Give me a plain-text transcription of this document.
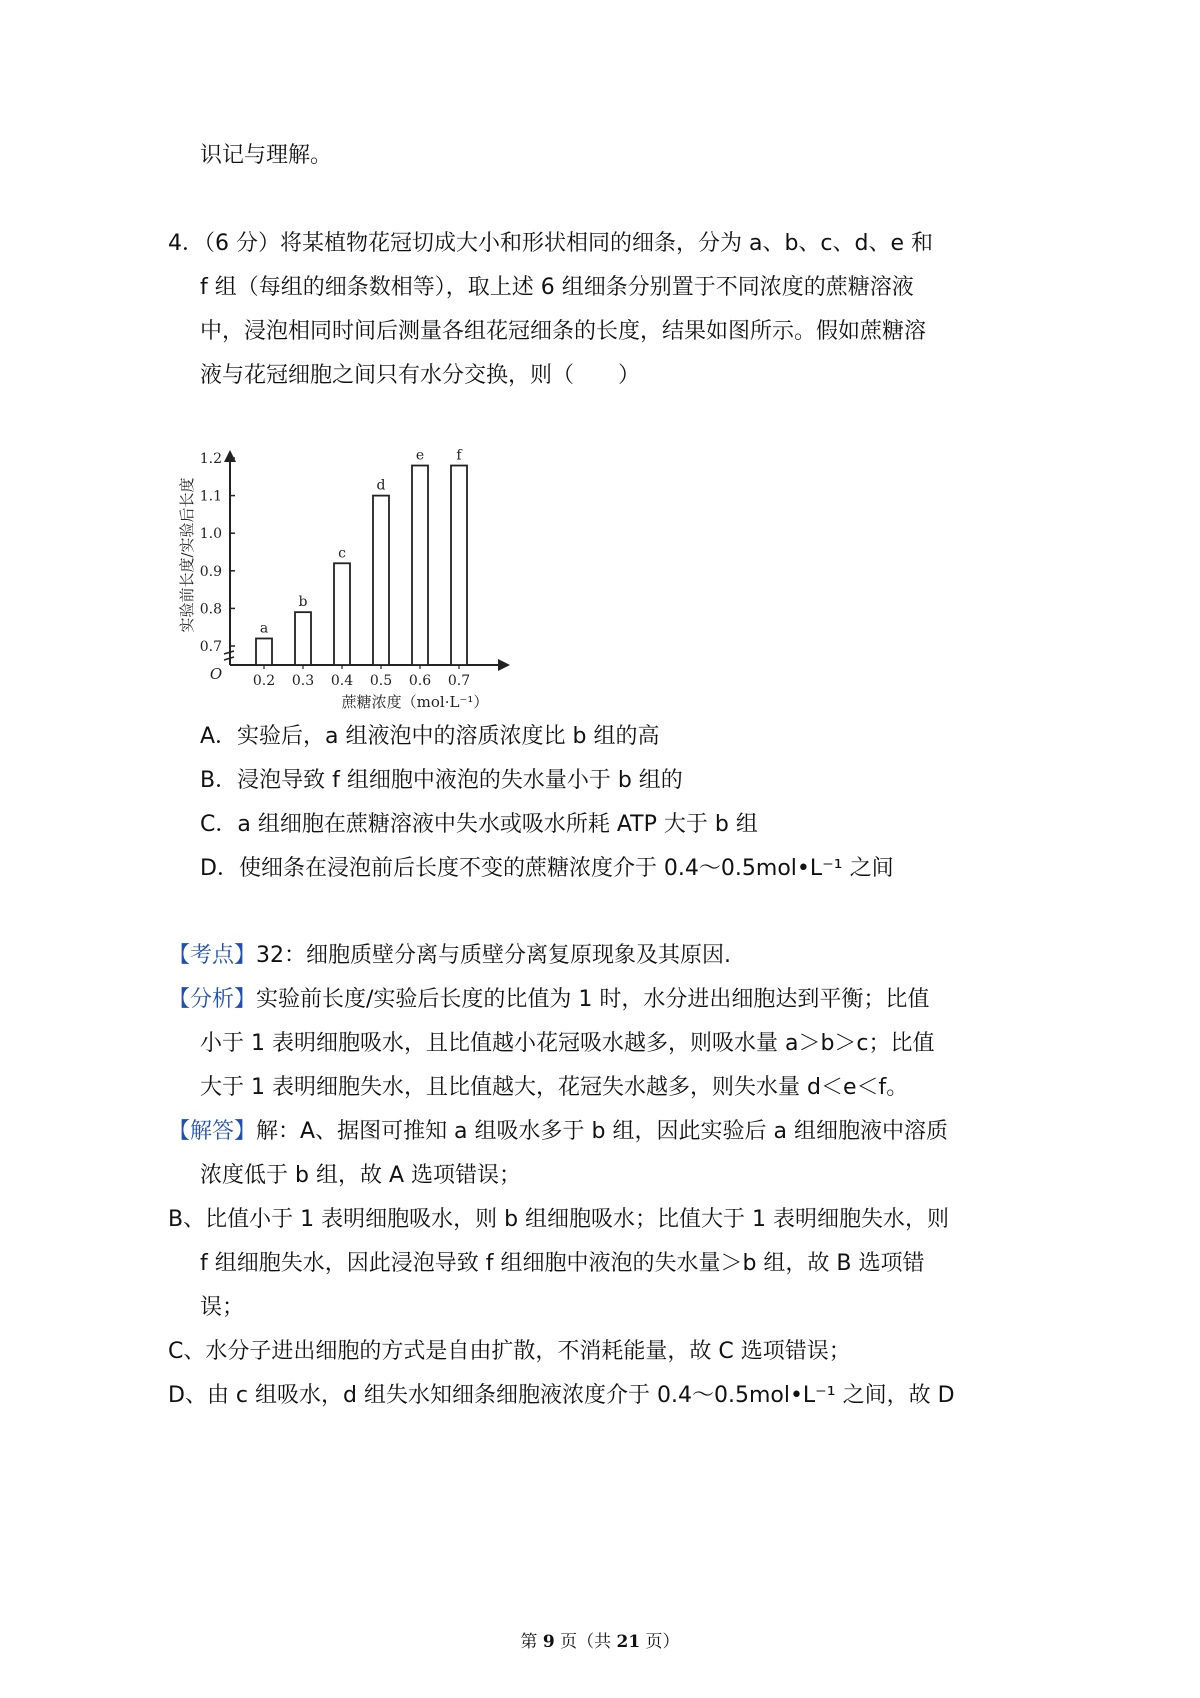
识记与理解。
4．（6 分）将某植物花冠切成大小和形状相同的细条，分为 a、b、c、d、e 和
f 组（每组的细条数相等），取上述 6 组细条分别置于不同浓度的蔗糖溶液
中，浸泡相同时间后测量各组花冠细条的长度，结果如图所示。假如蔗糖溶
液与花冠细胞之间只有水分交换，则（　　）
0.7
0.8
0.9
1.0
1.1
1.2
a
0.2
b
0.3
c
0.4
d
0.5
e
0.6
f
0.7
O
蔗糖浓度（mol·L⁻¹）
实验前长度/实验后长度
A．实验后，a 组液泡中的溶质浓度比 b 组的高
B．浸泡导致 f 组细胞中液泡的失水量小于 b 组的
C．a 组细胞在蔗糖溶液中失水或吸水所耗 ATP 大于 b 组
D．使细条在浸泡前后长度不变的蔗糖浓度介于 0.4～0.5mol•L⁻¹ 之间
【考点】32：细胞质壁分离与质壁分离复原现象及其原因.
【分析】实验前长度/实验后长度的比值为 1 时，水分进出细胞达到平衡；比值
小于 1 表明细胞吸水，且比值越小花冠吸水越多，则吸水量 a＞b＞c；比值
大于 1 表明细胞失水，且比值越大，花冠失水越多，则失水量 d＜e＜f。
【解答】解：A、据图可推知 a 组吸水多于 b 组，因此实验后 a 组细胞液中溶质
浓度低于 b 组，故 A 选项错误；
B、比值小于 1 表明细胞吸水，则 b 组细胞吸水；比值大于 1 表明细胞失水，则
f 组细胞失水，因此浸泡导致 f 组细胞中液泡的失水量＞b 组，故 B 选项错
误；
C、水分子进出细胞的方式是自由扩散，不消耗能量，故 C 选项错误；
D、由 c 组吸水，d 组失水知细条细胞液浓度介于 0.4～0.5mol•L⁻¹ 之间，故 D
第 9 页（共 21 页）
